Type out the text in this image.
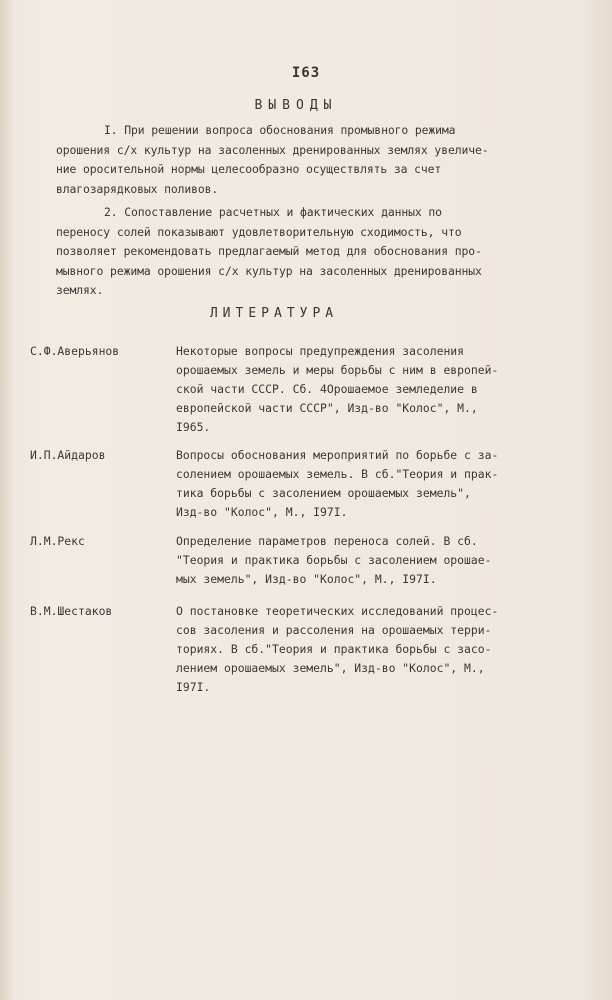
I63
ВЫВОДЫ
I. При решении вопроса обоснования промывного режима
орошения с/х культур на засоленных дренированных землях увеличе-
ние оросительной нормы целесообразно осуществлять за счет
влагозарядковых поливов.
2. Сопоставление расчетных и фактических данных по
переносу солей показывают удовлетворительную сходимость, что
позволяет рекомендовать предлагаемый метод для обоснования про-
мывного режима орошения с/х культур на засоленных дренированных
землях.
ЛИТЕРАТУРА
С.Ф.Аверьянов	Некоторые вопросы предупреждения засоления
орошаемых земель и меры борьбы с ним в европей-
ской части СССР. Сб. 4Орошаемое земледелие в
европейской части СССР", Изд-во "Колос", М.,
I965.
И.П.Айдаров	Вопросы обоснования мероприятий по борьбе с за-
солением орошаемых земель. В сб."Теория и прак-
тика борьбы с засолением орошаемых земель",
Изд-во "Колос", М., I97I.
Л.М.Рекс	Определение параметров переноса солей. В сб.
"Теория и практика борьбы с засолением орошае-
мых земель", Изд-во "Колос", М., I97I.
В.М.Шестаков	О постановке теоретических исследований процес-
сов засоления и рассоления на орошаемых терри-
ториях. В сб."Теория и практика борьбы с засо-
лением орошаемых земель", Изд-во "Колос", М.,
I97I.
